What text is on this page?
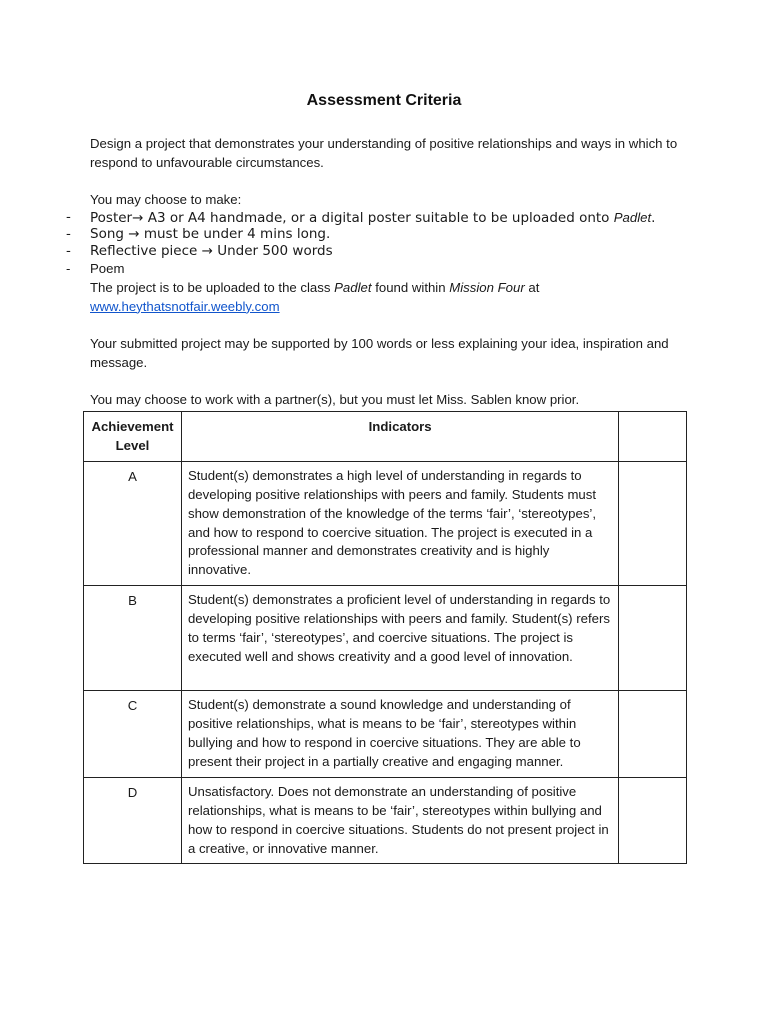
Assessment Criteria

Design a project that demonstrates your understanding of positive relationships and ways in which to respond to unfavourable circumstances.

You may choose to make:

- Poster→ A3 or A4 handmade, or a digital poster suitable to be uploaded onto Padlet.
- Song → must be under 4 mins long.
- Reflective piece → Under 500 words
- Poem

The project is to be uploaded to the class Padlet found within Mission Four at
www.heythatsnotfair.weebly.com

Your submitted project may be supported by 100 words or less explaining your idea, inspiration and message.

You may choose to work with a partner(s), but you must let Miss. Sablen know prior.

Achievement Level	Indicators	
A	Student(s) demonstrates a high level of understanding in regards to developing positive relationships with peers and family. Students must show demonstration of the knowledge of the terms ‘fair’, ‘stereotypes’, and how to respond to coercive situation. The project is executed in a professional manner and demonstrates creativity and is highly innovative.	
B	Student(s) demonstrates a proficient level of understanding in regards to developing positive relationships with peers and family. Student(s) refers to terms ‘fair’, ‘stereotypes’, and coercive situations. The project is executed well and shows creativity and a good level of innovation.	
C	Student(s) demonstrate a sound knowledge and understanding of positive relationships, what is means to be ‘fair’, stereotypes within bullying and how to respond in coercive situations. They are able to present their project in a partially creative and engaging manner.	
D	Unsatisfactory. Does not demonstrate an understanding of positive relationships, what is means to be ‘fair’, stereotypes within bullying and how to respond in coercive situations. Students do not present project in a creative, or innovative manner.	
